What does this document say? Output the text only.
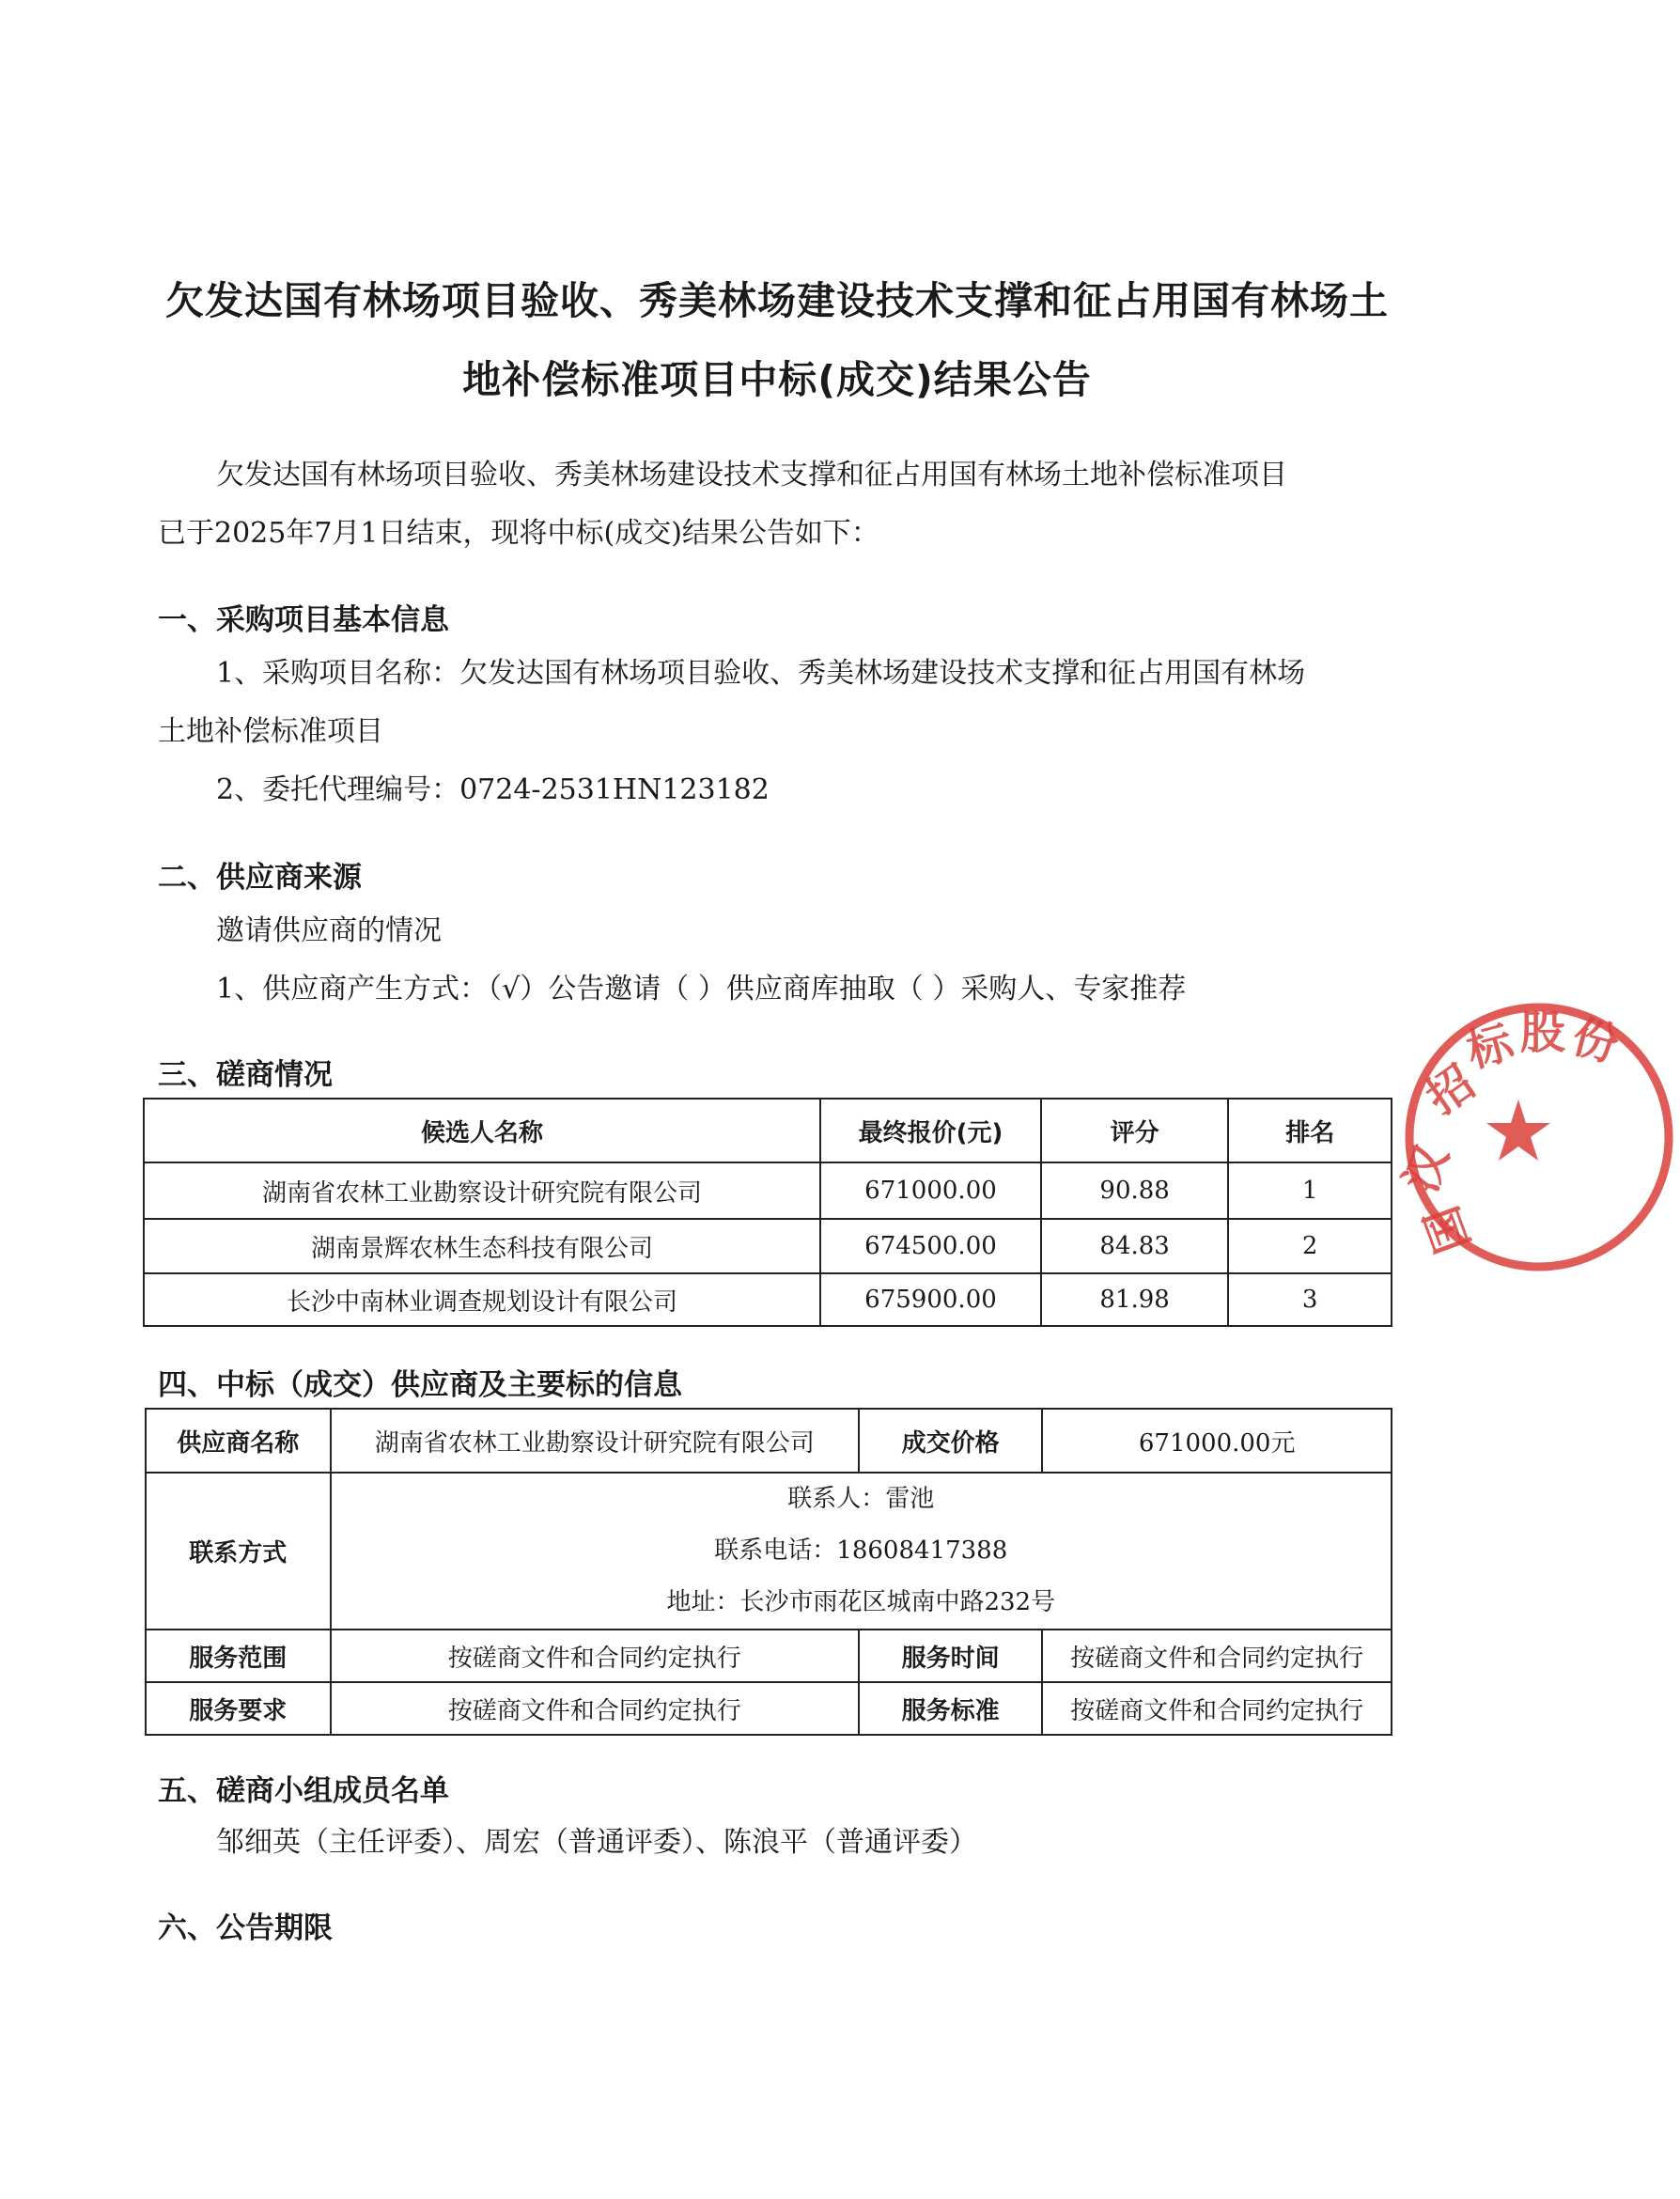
欠发达国有林场项目验收、秀美林场建设技术支撑和征占用国有林场土
地补偿标准项目中标(成交)结果公告
欠发达国有林场项目验收、秀美林场建设技术支撑和征占用国有林场土地补偿标准项目
已于2025年7月1日结束，现将中标(成交)结果公告如下：
一、采购项目基本信息
1、采购项目名称：欠发达国有林场项目验收、秀美林场建设技术支撑和征占用国有林场
土地补偿标准项目
2、委托代理编号：0724-2531HN123182
二、供应商来源
邀请供应商的情况
1、供应商产生方式：（√）公告邀请（ ）供应商库抽取（ ）采购人、专家推荐
三、磋商情况
候选人名称	最终报价(元)	评分	排名
湖南省农林工业勘察设计研究院有限公司	671000.00	90.88	1
湖南景辉农林生态科技有限公司	674500.00	84.83	2
长沙中南林业调查规划设计有限公司	675900.00	81.98	3
四、中标（成交）供应商及主要标的信息
供应商名称	湖南省农林工业勘察设计研究院有限公司	成交价格	671000.00元
联系方式	联系人：雷池
联系电话：18608417388
地址：长沙市雨花区城南中路232号		

服务范围	按磋商文件和合同约定执行	服务时间	按磋商文件和合同约定执行
服务要求	按磋商文件和合同约定执行	服务标准	按磋商文件和合同约定执行
五、磋商小组成员名单
邹细英（主任评委）、周宏（普通评委）、陈浪平（普通评委）
六、公告期限
招
标 股 份
汉
国
